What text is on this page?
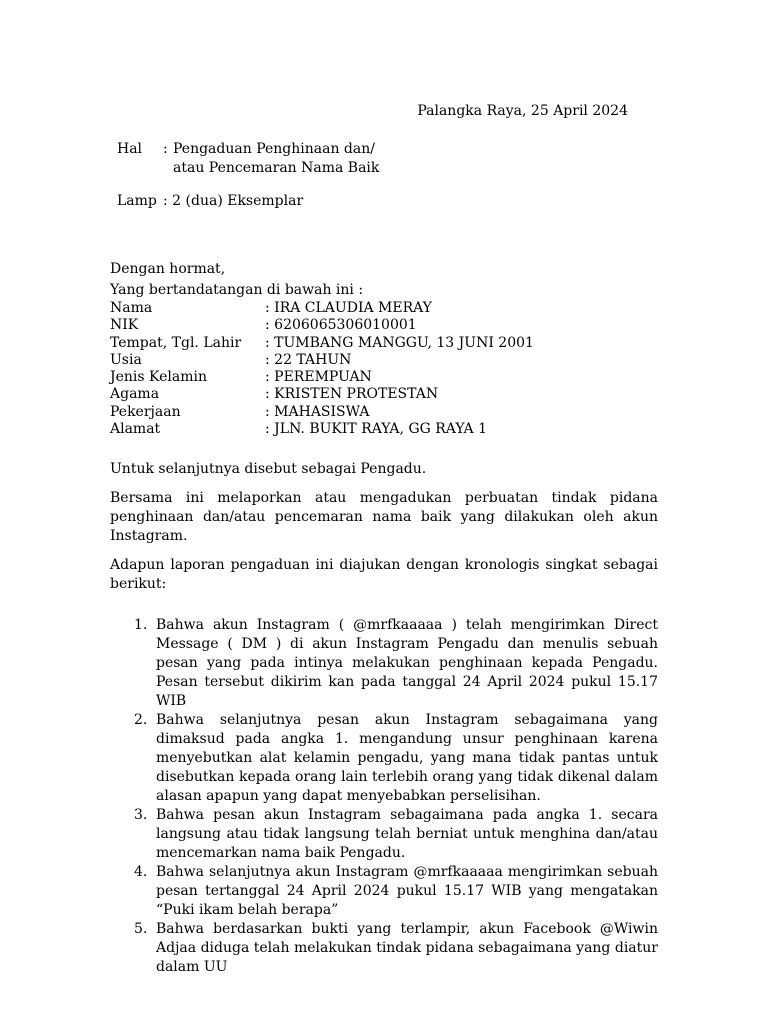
Palangka Raya, 25 April 2024
Hal : Pengaduan Penghinaan dan/
atau Pencemaran Nama Baik
Lamp : 2 (dua) Eksemplar

Dengan hormat,

Yang bertandatangan di bawah ini :

Nama	: IRA CLAUDIA MERAY
NIK	: 6206065306010001
Tempat, Tgl. Lahir	: TUMBANG MANGGU, 13 JUNI 2001
Usia	: 22 TAHUN
Jenis Kelamin	: PEREMPUAN
Agama	: KRISTEN PROTESTAN
Pekerjaan	: MAHASISWA
Alamat	: JLN. BUKIT RAYA, GG RAYA 1

Untuk selanjutnya disebut sebagai Pengadu.

Bersama ini melaporkan atau mengadukan perbuatan tindak pidana penghinaan dan/atau pencemaran nama baik yang dilakukan oleh akun Instagram.

Adapun laporan pengaduan ini diajukan dengan kronologis singkat sebagai berikut:

1. Bahwa akun Instagram ( @mrfkaaaaa ) telah mengirimkan Direct Message ( DM ) di akun Instagram Pengadu dan menulis sebuah pesan yang pada intinya melakukan penghinaan kepada Pengadu. Pesan tersebut dikirim kan pada tanggal 24 April 2024 pukul 15.17 WIB
2. Bahwa selanjutnya pesan akun Instagram sebagaimana yang dimaksud pada angka 1. mengandung unsur penghinaan karena menyebutkan alat kelamin pengadu, yang mana tidak pantas untuk disebutkan kepada orang lain terlebih orang yang tidak dikenal dalam alasan apapun yang dapat menyebabkan perselisihan.
3. Bahwa pesan akun Instagram sebagaimana pada angka 1. secara langsung atau tidak langsung telah berniat untuk menghina dan/atau mencemarkan nama baik Pengadu.
4. Bahwa selanjutnya akun Instagram @mrfkaaaaa mengirimkan sebuah pesan tertanggal 24 April 2024 pukul 15.17 WIB yang mengatakan “Puki ikam belah berapa”
5. Bahwa berdasarkan bukti yang terlampir, akun Facebook @Wiwin Adjaa diduga telah melakukan tindak pidana sebagaimana yang diatur dalam UU
